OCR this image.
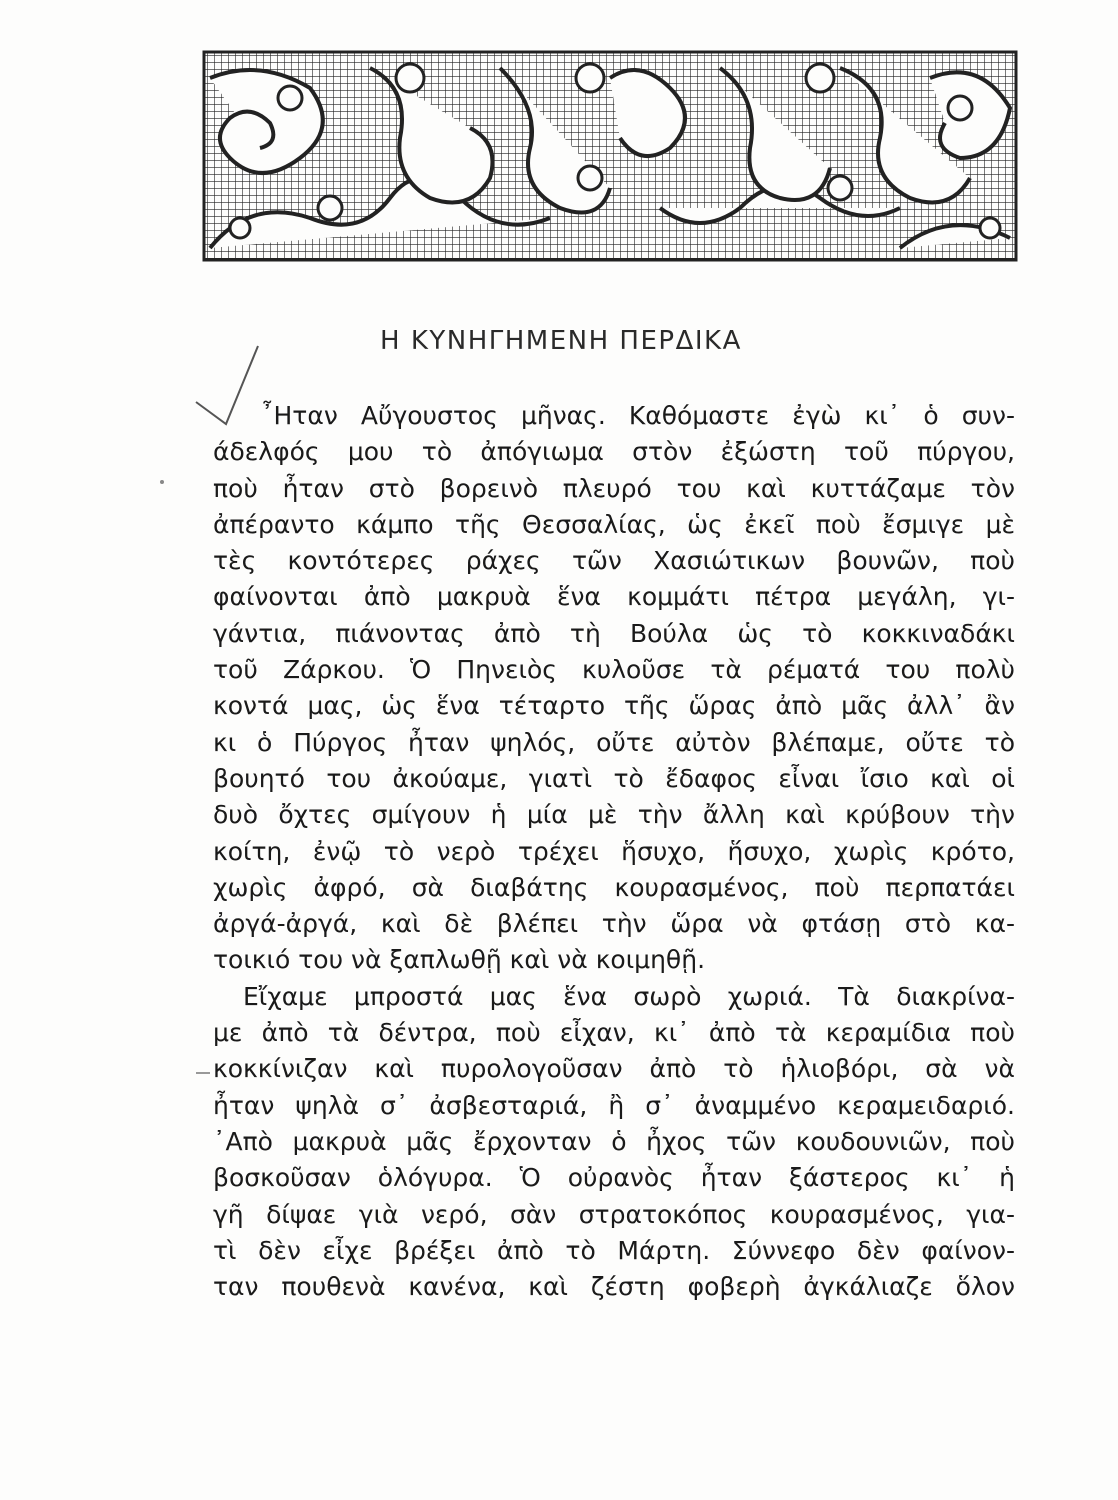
Η ΚΥΝΗΓΗΜΕΝΗ ΠΕΡΔΙΚΑ
῏Ηταν Αὔγουστος μῆνας. Καθόμαστε ἐγὼ κι᾿ ὁ συν-
άδελφός μου τὸ ἀπόγιωμα στὸν ἐξώστη τοῦ πύργου,
ποὺ ἦταν στὸ βορεινὸ πλευρό του καὶ κυττάζαμε τὸν
ἀπέραντο κάμπο τῆς Θεσσαλίας, ὡς ἐκεῖ ποὺ ἔσμιγε μὲ
τὲς κοντότερες ράχες τῶν Χασιώτικων βουνῶν, ποὺ
φαίνονται ἀπὸ μακρυὰ ἕνα κομμάτι πέτρα μεγάλη, γι-
γάντια, πιάνοντας ἀπὸ τὴ Βούλα ὡς τὸ κοκκιναδάκι
τοῦ Ζάρκου. Ὁ Πηνειὸς κυλοῦσε τὰ ρέματά του πολὺ
κοντά μας, ὡς ἕνα τέταρτο τῆς ὥρας ἀπὸ μᾶς ἀλλ᾿ ἂν
κι ὁ Πύργος ἦταν ψηλός, οὔτε αὐτὸν βλέπαμε, οὔτε τὸ
βουητό του ἀκούαμε, γιατὶ τὸ ἔδαφος εἶναι ἴσιο καὶ οἱ
δυὸ ὄχτες σμίγουν ἡ μία μὲ τὴν ἄλλη καὶ κρύβουν τὴν
κοίτη, ἐνῷ τὸ νερὸ τρέχει ἥσυχο, ἥσυχο, χωρὶς κρότο,
χωρὶς ἀφρό, σὰ διαβάτης κουρασμένος, ποὺ περπατάει
ἀργά-ἀργά, καὶ δὲ βλέπει τὴν ὥρα νὰ φτάσῃ στὸ κα-
τοικιό του νὰ ξαπλωθῇ καὶ νὰ κοιμηθῇ.
Εἴχαμε μπροστά μας ἕνα σωρὸ χωριά. Τὰ διακρίνα-
με ἀπὸ τὰ δέντρα, ποὺ εἶχαν, κι᾿ ἀπὸ τὰ κεραμίδια ποὺ
κοκκίνιζαν καὶ πυρολογοῦσαν ἀπὸ τὸ ἡλιοβόρι, σὰ νὰ
ἦταν ψηλὰ σ᾿ ἀσβεσταριά, ἢ σ᾿ ἀναμμένο κεραμειδαριό.
᾿Απὸ μακρυὰ μᾶς ἔρχονταν ὁ ἦχος τῶν κουδουνιῶν, ποὺ
βοσκοῦσαν ὁλόγυρα. Ὁ οὐρανὸς ἦταν ξάστερος κι᾿ ἡ
γῆ δίψαε γιὰ νερό, σὰν στρατοκόπος κουρασμένος, για-
τὶ δὲν εἶχε βρέξει ἀπὸ τὸ Μάρτη. Σύννεφο δὲν φαίνον-
ταν πουθενὰ κανένα, καὶ ζέστη φοβερὴ ἀγκάλιαζε ὅλον
